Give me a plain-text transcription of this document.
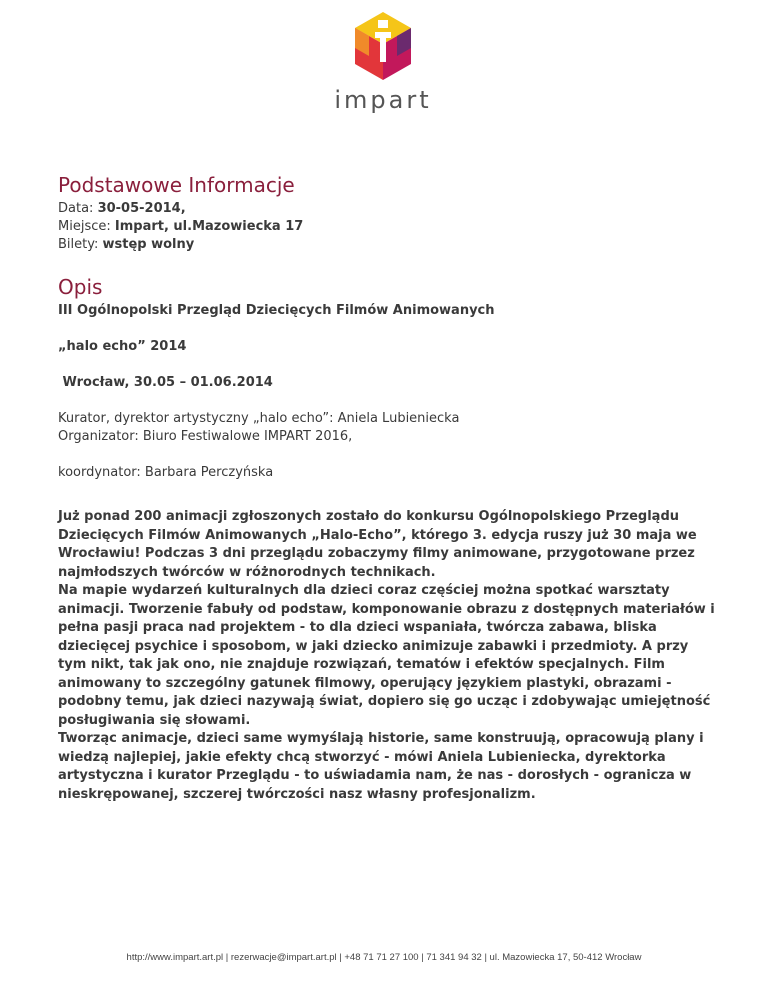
impart
Podstawowe Informacje
Data: 30-05-2014,
Miejsce: Impart, ul.Mazowiecka 17
Bilety: wstęp wolny
Opis

III Ogólnopolski Przegląd Dziecięcych Filmów Animowanych

„halo echo” 2014

Wrocław, 30.05 – 01.06.2014

Kurator, dyrektor artystyczny „halo echo”: Aniela Lubieniecka

Organizator: Biuro Festiwalowe IMPART 2016,

koordynator: Barbara Perczyńska

Już ponad 200 animacji zgłoszonych zostało do konkursu Ogólnopolskiego Przeglądu Dziecięcych Filmów Animowanych „Halo-Echo”, którego 3. edycja ruszy już 30 maja we Wrocławiu! Podczas 3 dni przeglądu zobaczymy filmy animowane, przygotowane przez najmłodszych twórców w różnorodnych technikach.

Na mapie wydarzeń kulturalnych dla dzieci coraz częściej można spotkać warsztaty animacji. Tworzenie fabuły od podstaw, komponowanie obrazu z dostępnych materiałów i pełna pasji praca nad projektem - to dla dzieci wspaniała, twórcza zabawa, bliska dziecięcej psychice i sposobom, w jaki dziecko animizuje zabawki i przedmioty. A przy tym nikt, tak jak ono, nie znajduje rozwiązań, tematów i efektów specjalnych. Film animowany to szczególny gatunek filmowy, operujący językiem plastyki, obrazami - podobny temu, jak dzieci nazywają świat, dopiero się go ucząc i zdobywając umiejętność posługiwania się słowami.

Tworząc animacje, dzieci same wymyślają historie, same konstruują, opracowują plany i wiedzą najlepiej, jakie efekty chcą stworzyć - mówi Aniela Lubieniecka, dyrektorka artystyczna i kurator Przeglądu - to uświadamia nam, że nas - dorosłych - ogranicza w nieskrępowanej, szczerej twórczości nasz własny profesjonalizm.

http://www.impart.art.pl | rezerwacje@impart.art.pl | +48 71 71 27 100 | 71 341 94 32 | ul. Mazowiecka 17, 50-412 Wrocław
